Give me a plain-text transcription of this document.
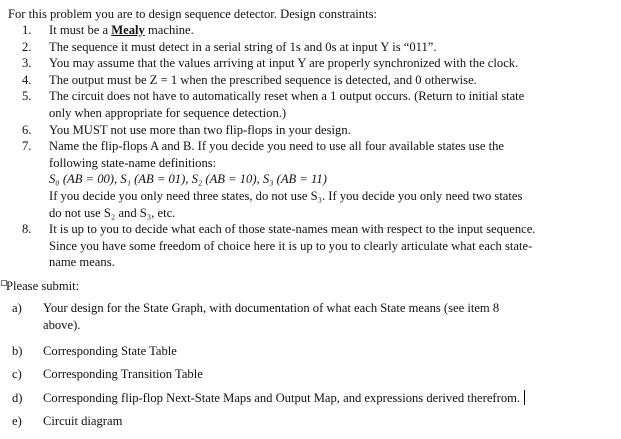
For this problem you are to design sequence detector. Design constraints:
1.	It must be a Mealy machine.
2.	The sequence it must detect in a serial string of 1s and 0s at input Y is “011”.
3.	You may assume that the values arriving at input Y are properly synchronized with the clock.
4.	The output must be Z = 1 when the prescribed sequence is detected, and 0 otherwise.
5.	The circuit does not have to automatically reset when a 1 output occurs. (Return to initial state
only when appropriate for sequence detection.)
6.	You MUST not use more than two flip-flops in your design.
7.	Name the flip-flops A and B. If you decide you need to use all four available states use the
following state-name definitions:
S₀ (AB = 00), S₁ (AB = 01), S₂ (AB = 10), S₃ (AB = 11)
If you decide you only need three states, do not use S₃. If you decide you only need two states
do not use S₂ and S₃, etc.
8.	It is up to you to decide what each of those state-names mean with respect to the input sequence.
Since you have some freedom of choice here it is up to you to clearly articulate what each state-
name means.
Please submit:
a)	Your design for the State Graph, with documentation of what each State means (see item 8
above).
b)	Corresponding State Table
c)	Corresponding Transition Table
d)	Corresponding flip-flop Next-State Maps and Output Map, and expressions derived therefrom.
e)	Circuit diagram
